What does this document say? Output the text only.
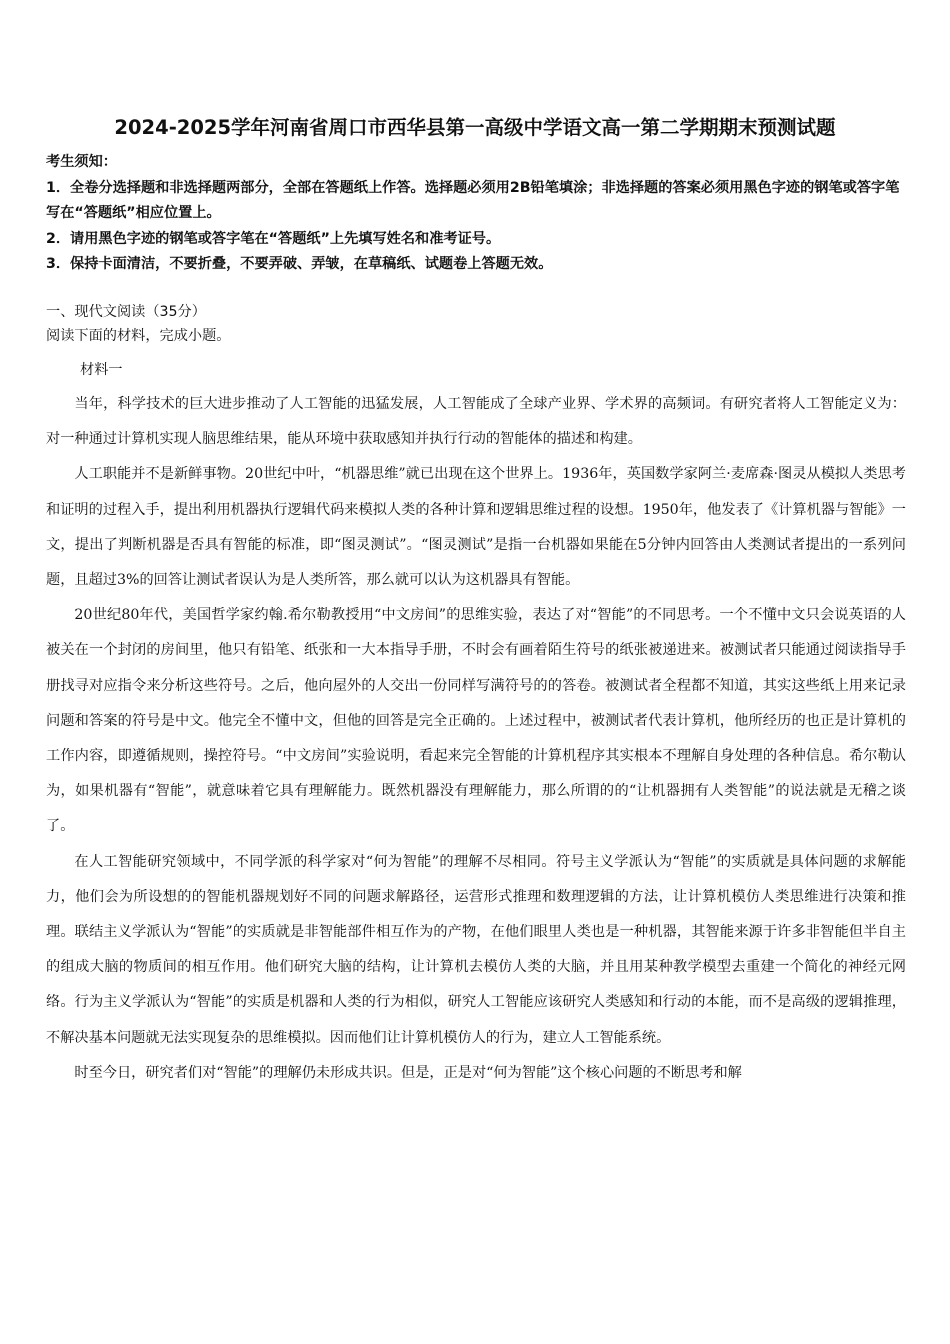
2024-2025学年河南省周口市西华县第一高级中学语文高一第二学期期末预测试题

考生须知：

1．全卷分选择题和非选择题两部分，全部在答题纸上作答。选择题必须用2B铅笔填涂；非选择题的答案必须用黑色字迹的钢笔或答字笔写在“答题纸”相应位置上。

2．请用黑色字迹的钢笔或答字笔在“答题纸”上先填写姓名和准考证号。

3．保持卡面清洁，不要折叠，不要弄破、弄皱，在草稿纸、试题卷上答题无效。

一、现代文阅读（35分）
阅读下面的材料，完成小题。
材料一

当年，科学技术的巨大进步推动了人工智能的迅猛发展，人工智能成了全球产业界、学术界的高频词。有研究者将人工智能定义为：对一种通过计算机实现人脑思维结果，能从环境中获取感知并执行行动的智能体的描述和构建。

人工职能并不是新鲜事物。20世纪中叶，“机器思维”就已出现在这个世界上。1936年，英国数学家阿兰·麦席森·图灵从模拟人类思考和证明的过程入手，提出利用机器执行逻辑代码来模拟人类的各种计算和逻辑思维过程的设想。1950年，他发表了《计算机器与智能》一文，提出了判断机器是否具有智能的标准，即“图灵测试”。“图灵测试”是指一台机器如果能在5分钟内回答由人类测试者提出的一系列问题，且超过3%的回答让测试者误认为是人类所答，那么就可以认为这机器具有智能。

20世纪80年代，美国哲学家约翰.希尔勒教授用“中文房间”的思维实验，表达了对“智能”的不同思考。一个不懂中文只会说英语的人被关在一个封闭的房间里，他只有铅笔、纸张和一大本指导手册，不时会有画着陌生符号的纸张被递进来。被测试者只能通过阅读指导手册找寻对应指令来分析这些符号。之后，他向屋外的人交出一份同样写满符号的的答卷。被测试者全程都不知道，其实这些纸上用来记录问题和答案的符号是中文。他完全不懂中文，但他的回答是完全正确的。上述过程中，被测试者代表计算机，他所经历的也正是计算机的工作内容，即遵循规则，操控符号。“中文房间”实验说明，看起来完全智能的计算机程序其实根本不理解自身处理的各种信息。希尔勒认为，如果机器有“智能”，就意味着它具有理解能力。既然机器没有理解能力，那么所谓的的“让机器拥有人类智能”的说法就是无稽之谈了。

在人工智能研究领域中，不同学派的科学家对“何为智能”的理解不尽相同。符号主义学派认为“智能”的实质就是具体问题的求解能力，他们会为所设想的的智能机器规划好不同的问题求解路径，运营形式推理和数理逻辑的方法，让计算机模仿人类思维进行决策和推理。联结主义学派认为“智能”的实质就是非智能部件相互作为的产物，在他们眼里人类也是一种机器，其智能来源于许多非智能但半自主的组成大脑的物质间的相互作用。他们研究大脑的结构，让计算机去模仿人类的大脑，并且用某种教学模型去重建一个简化的神经元网络。行为主义学派认为“智能”的实质是机器和人类的行为相似，研究人工智能应该研究人类感知和行动的本能，而不是高级的逻辑推理，不解决基本问题就无法实现复杂的思维模拟。因而他们让计算机模仿人的行为，建立人工智能系统。

时至今日，研究者们对“智能”的理解仍未形成共识。但是，正是对“何为智能”这个核心问题的不断思考和解
